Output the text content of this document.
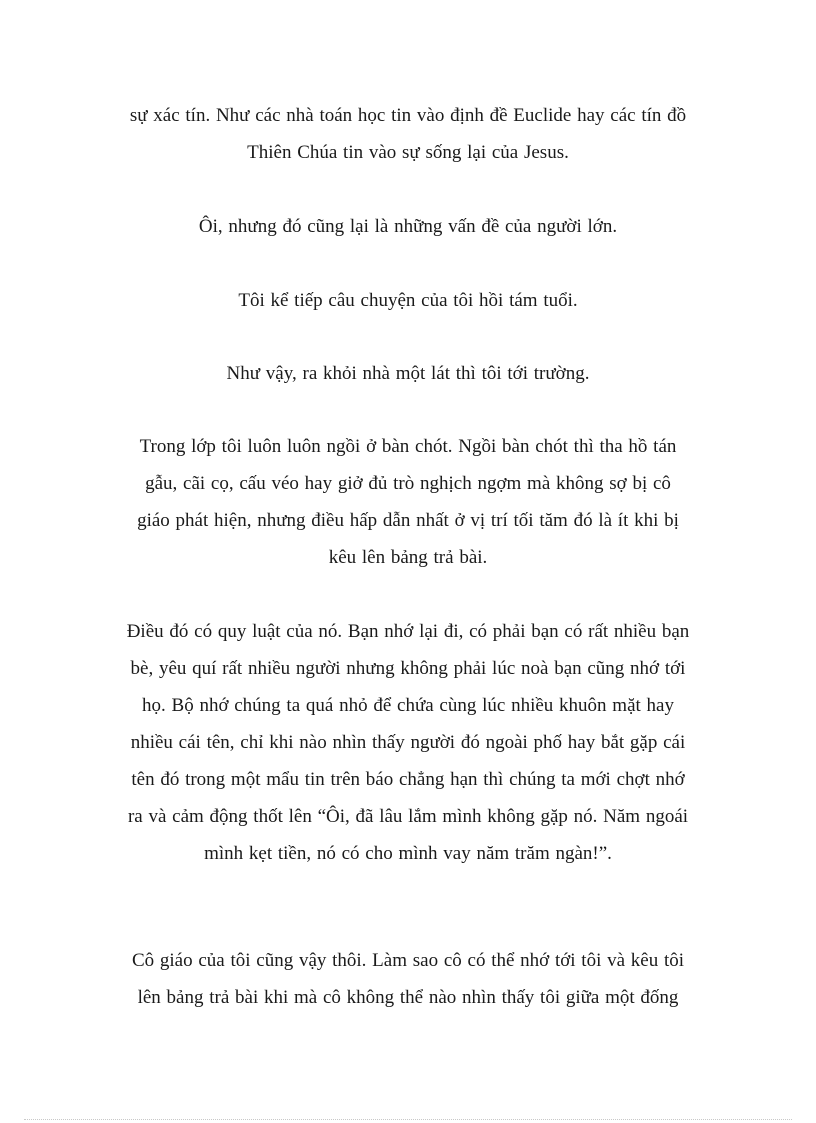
sự xác tín. Như các nhà toán học tin vào định đề Euclide hay các tín đồ
Thiên Chúa tin vào sự sống lại của Jesus.
Ôi, nhưng đó cũng lại là những vấn đề của người lớn.
Tôi kể tiếp câu chuyện của tôi hồi tám tuổi.
Như vậy, ra khỏi nhà một lát thì tôi tới trường.
Trong lớp tôi luôn luôn ngồi ở bàn chót. Ngồi bàn chót thì tha hồ tán
gẫu, cãi cọ, cấu véo hay giở đủ trò nghịch ngợm mà không sợ bị cô
giáo phát hiện, nhưng điều hấp dẫn nhất ở vị trí tối tăm đó là ít khi bị
kêu lên bảng trả bài.
Điều đó có quy luật của nó. Bạn nhớ lại đi, có phải bạn có rất nhiều bạn
bè, yêu quí rất nhiều người nhưng không phải lúc noà bạn cũng nhớ tới
họ. Bộ nhớ chúng ta quá nhỏ để chứa cùng lúc nhiều khuôn mặt hay
nhiều cái tên, chỉ khi nào nhìn thấy người đó ngoài phố hay bắt gặp cái
tên đó trong một mẩu tin trên báo chẳng hạn thì chúng ta mới chợt nhớ
ra và cảm động thốt lên “Ôi, đã lâu lắm mình không gặp nó. Năm ngoái
mình kẹt tiền, nó có cho mình vay năm trăm ngàn!”.
Cô giáo của tôi cũng vậy thôi. Làm sao cô có thể nhớ tới tôi và kêu tôi
lên bảng trả bài khi mà cô không thể nào nhìn thấy tôi giữa một đống
